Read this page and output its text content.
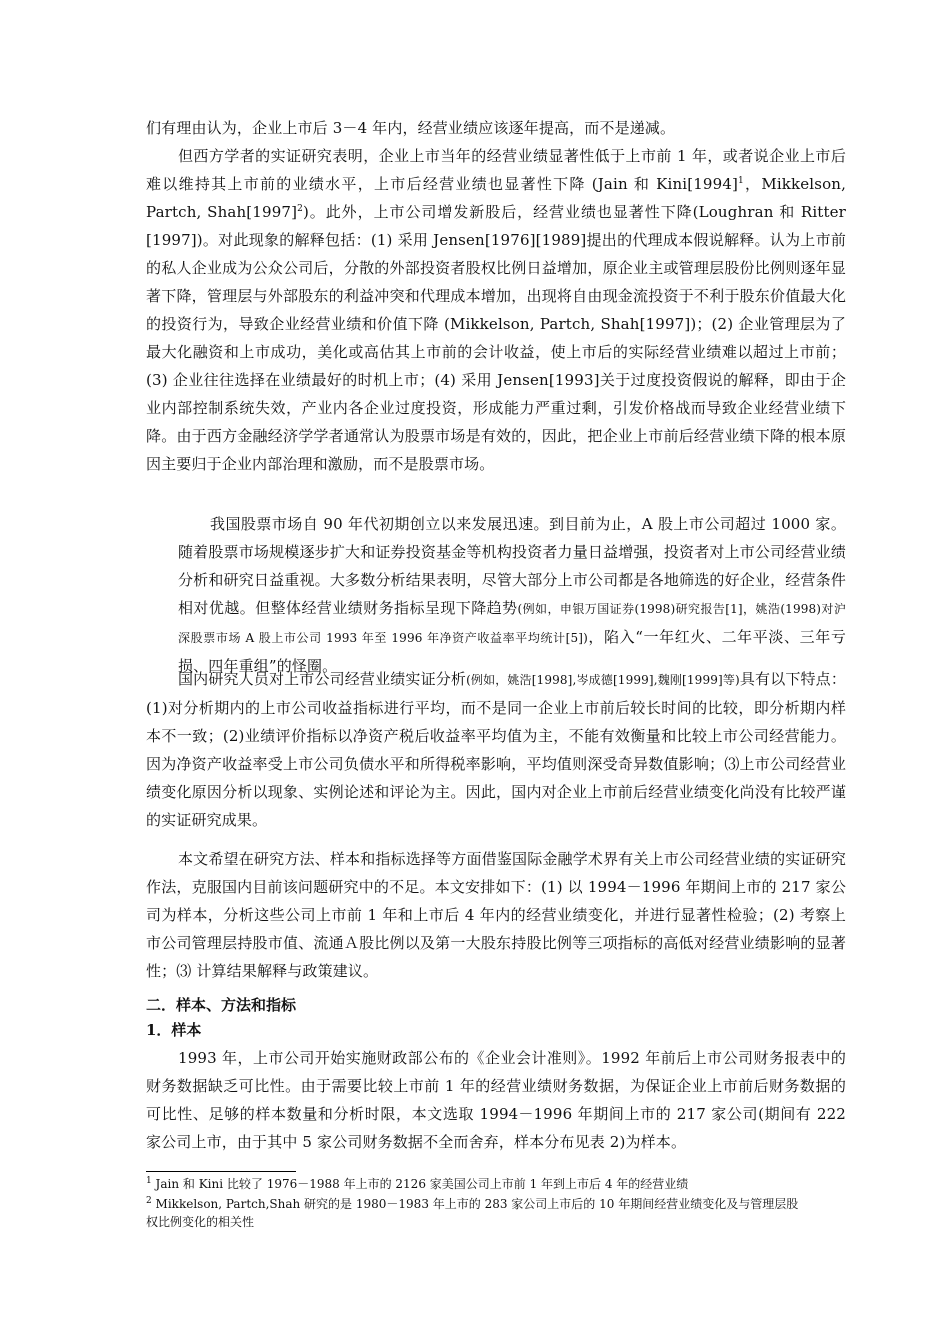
们有理由认为，企业上市后 3－4 年内，经营业绩应该逐年提高，而不是递减。

但西方学者的实证研究表明，企业上市当年的经营业绩显著性低于上市前 1 年，或者说企业上市后难以维持其上市前的业绩水平，上市后经营业绩也显著性下降 (Jain 和 $Kini[1994]^1$，Mikkelson, Partch, $Shah[1997]^2$)。此外，上市公司增发新股后，经营业绩也显著性下降(Loughran 和 Ritter [1997])。对此现象的解释包括：(1) 采用 Jensen[1976][1989]提出的代理成本假说解释。认为上市前的私人企业成为公众公司后，分散的外部投资者股权比例日益增加，原企业主或管理层股份比例则逐年显著下降，管理层与外部股东的利益冲突和代理成本增加，出现将自由现金流投资于不利于股东价值最大化的投资行为，导致企业经营业绩和价值下降 (Mikkelson, Partch, Shah[1997])；(2) 企业管理层为了最大化融资和上市成功，美化或高估其上市前的会计收益，使上市后的实际经营业绩难以超过上市前；(3) 企业往往选择在业绩最好的时机上市；(4) 采用 Jensen[1993]关于过度投资假说的解释，即由于企业内部控制系统失效，产业内各企业过度投资，形成能力严重过剩，引发价格战而导致企业经营业绩下降。由于西方金融经济学学者通常认为股票市场是有效的，因此，把企业上市前后经营业绩下降的根本原因主要归于企业内部治理和激励，而不是股票市场。

我国股票市场自 90 年代初期创立以来发展迅速。到目前为止，A 股上市公司超过 1000 家。随着股票市场规模逐步扩大和证券投资基金等机构投资者力量日益增强，投资者对上市公司经营业绩分析和研究日益重视。大多数分析结果表明，尽管大部分上市公司都是各地筛选的好企业，经营条件相对优越。但整体经营业绩财务指标呈现下降趋势(例如，申银万国证券(1998)研究报告[1]，姚浩(1998)对沪深股票市场 A 股上市公司 1993 年至 1996 年净资产收益率平均统计[5])，陷入“一年红火、二年平淡、三年亏损、四年重组”的怪圈。

国内研究人员对上市公司经营业绩实证分析(例如，姚浩[1998],岑成德[1999],魏刚[1999]等)具有以下特点：(1)对分析期内的上市公司收益指标进行平均，而不是同一企业上市前后较长时间的比较，即分析期内样本不一致；(2)业绩评价指标以净资产税后收益率平均值为主，不能有效衡量和比较上市公司经营能力。因为净资产收益率受上市公司负债水平和所得税率影响，平均值则深受奇异数值影响；⑶上市公司经营业绩变化原因分析以现象、实例论述和评论为主。因此，国内对企业上市前后经营业绩变化尚没有比较严谨的实证研究成果。

本文希望在研究方法、样本和指标选择等方面借鉴国际金融学术界有关上市公司经营业绩的实证研究作法，克服国内目前该问题研究中的不足。本文安排如下：(1) 以 1994－1996 年期间上市的 217 家公司为样本，分析这些公司上市前 1 年和上市后 4 年内的经营业绩变化，并进行显著性检验；(2) 考察上市公司管理层持股市值、流通Ａ股比例以及第一大股东持股比例等三项指标的高低对经营业绩影响的显著性；⑶ 计算结果解释与政策建议。

二．样本、方法和指标

1．样本

1993 年，上市公司开始实施财政部公布的《企业会计准则》。1992 年前后上市公司财务报表中的财务数据缺乏可比性。由于需要比较上市前 1 年的经营业绩财务数据，为保证企业上市前后财务数据的可比性、足够的样本数量和分析时限，本文选取 1994－1996 年期间上市的 217 家公司(期间有 222 家公司上市，由于其中 5 家公司财务数据不全而舍弃，样本分布见表 2)为样本。

$^1$ Jain 和 Kini 比较了 1976－1988 年上市的 2126 家美国公司上市前 1 年到上市后 4 年的经营业绩

$^2$ Mikkelson, Partch,Shah 研究的是 1980－1983 年上市的 283 家公司上市后的 10 年期间经营业绩变化及与管理层股权比例变化的相关性
